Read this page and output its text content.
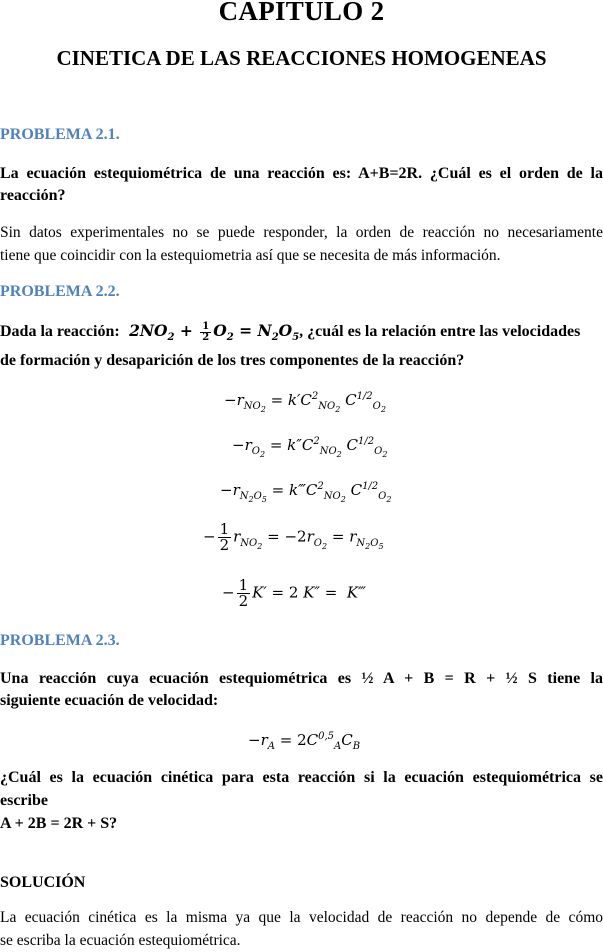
CAPITULO 2
CINETICA DE LAS REACCIONES HOMOGENEAS
PROBLEMA 2.1.
La ecuación estequiométrica de una reacción es: A+B=2R. ¿Cuál es el orden de la
reacción?
Sin datos experimentales no se puede responder, la orden de reacción no necesariamente
tiene que coincidir con la estequiometria así que se necesita de más información.
PROBLEMA 2.2.
Dada la reacción:  $2NO_2 + \frac{1}{2} O_2 = N_2O_5$, ¿cuál es la relación entre las velocidades
de formación y desaparición de los tres componentes de la reacción?
$-r_{NO_2} = k'C^2_{NO_2}$ $C^{1/2}_{O_2}$
$-r_{O_2} = k''C^2_{NO_2}$ $C^{1/2}_{O_2}$
$-r_{N_2O_5}$ = $k‴C^2_{NO_2}$ $C^{1/2}_{O_2}$
− $\frac{1}{2} r_{NO_2} = -2r_{O_2} = r_{N_2O_5}$
− $\frac{1}{2} K' = 2$ K″ =  K‴
PROBLEMA 2.3.
Una reacción cuya ecuación estequiométrica es ½ A + B = R + ½ S tiene la
siguiente ecuación de velocidad:
$-r_A = 2C^{0,5}_AC_B$
¿Cuál es la ecuación cinética para esta reacción si la ecuación estequiométrica se
escribe
A + 2B = 2R + S?
SOLUCIÓN
La ecuación cinética es la misma ya que la velocidad de reacción no depende de cómo
se escriba la ecuación estequiométrica.
